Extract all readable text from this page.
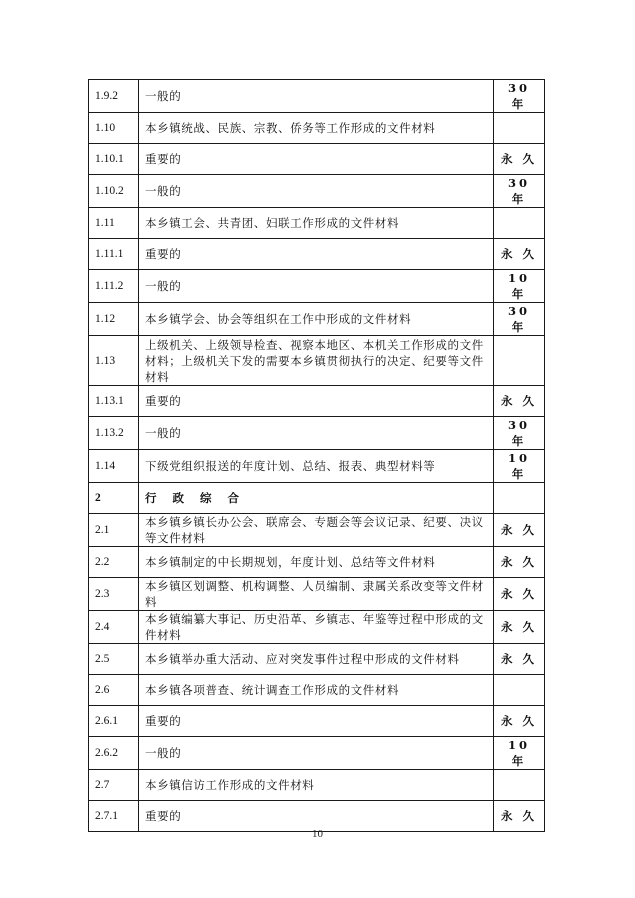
1.9.2	一般的	30 年
1.10	本乡镇统战、民族、宗教、侨务等工作形成的文件材料	
1.10.1	重要的	永 久
1.10.2	一般的	30 年
1.11	本乡镇工会、共青团、妇联工作形成的文件材料	
1.11.1	重要的	永 久
1.11.2	一般的	10 年
1.12	本乡镇学会、协会等组织在工作中形成的文件材料	30 年
1.13	上级机关、上级领导检查、视察本地区、本机关工作形成的文件材料；上级机关下发的需要本乡镇贯彻执行的决定、纪要等文件材料	
1.13.1	重要的	永 久
1.13.2	一般的	30 年
1.14	下级党组织报送的年度计划、总结、报表、典型材料等	10 年
2	行 政 综 合	
2.1	本乡镇乡镇长办公会、联席会、专题会等会议记录、纪要、决议等文件材料	永 久
2.2	本乡镇制定的中长期规划，年度计划、总结等文件材料	永 久
2.3	本乡镇区划调整、机构调整、人员编制、隶属关系改变等文件材料	永 久
2.4	本乡镇编纂大事记、历史沿革、乡镇志、年鉴等过程中形成的文件材料	永 久
2.5	本乡镇举办重大活动、应对突发事件过程中形成的文件材料	永 久
2.6	本乡镇各项普查、统计调查工作形成的文件材料	
2.6.1	重要的	永 久
2.6.2	一般的	10 年
2.7	本乡镇信访工作形成的文件材料	
2.7.1	重要的	永 久
10
